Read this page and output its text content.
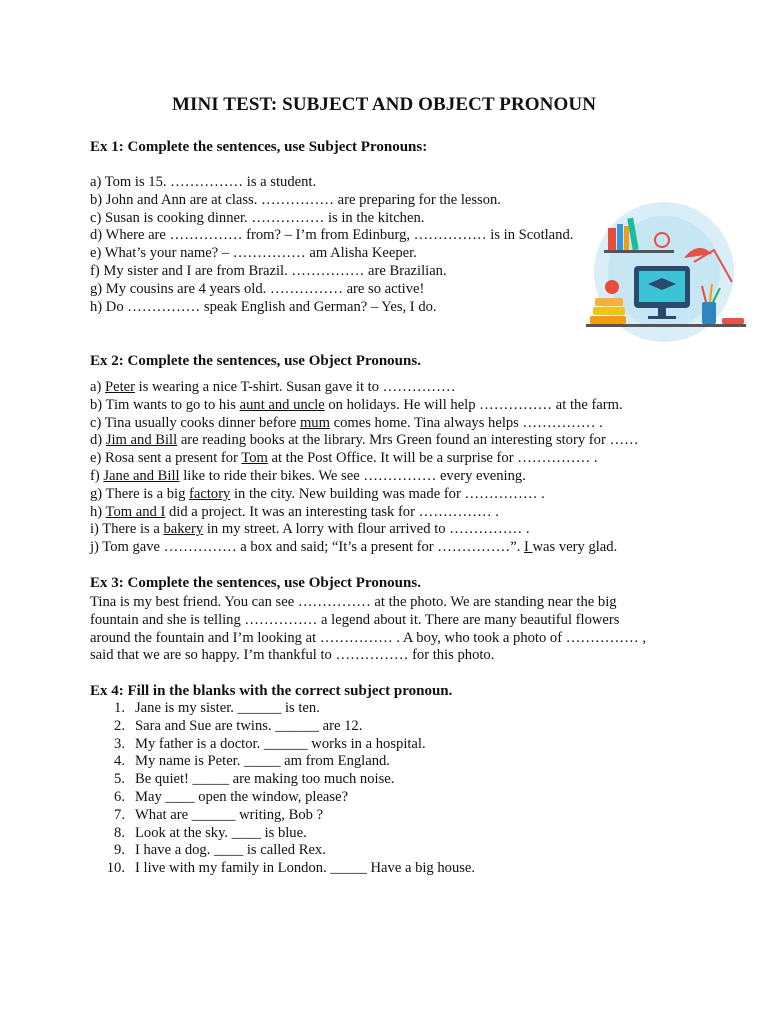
MINI TEST: SUBJECT AND OBJECT PRONOUN
Ex 1: Complete the sentences, use Subject Pronouns:
a) Tom is 15. …………… is a student.
b) John and Ann are at class. …………… are preparing for the lesson.
c) Susan is cooking dinner. …………… is in the kitchen.
d) Where are …………… from? – I’m from Edinburg, …………… is in Scotland.
e) What’s your name? – …………… am Alisha Keeper.
f) My sister and I are from Brazil. …………… are Brazilian.
g) My cousins are 4 years old. …………… are so active!
h) Do …………… speak English and German? – Yes, I do.
Ex 2: Complete the sentences, use Object Pronouns.
a) Peter is wearing a nice T-shirt. Susan gave it to ……………
b) Tim wants to go to his aunt and uncle on holidays. He will help …………… at the farm.
c) Tina usually cooks dinner before mum comes home. Tina always helps …………… .
d) Jim and Bill are reading books at the library. Mrs Green found an interesting story for ……
e) Rosa sent a present for Tom at the Post Office. It will be a surprise for …………… .
f) Jane and Bill like to ride their bikes. We see …………… every evening.
g) There is a big factory in the city. New building was made for …………… .
h) Tom and I did a project. It was an interesting task for …………… .
i) There is a bakery in my street. A lorry with flour arrived to …………… .
j) Tom gave …………… a box and said; “It’s a present for ……………”. I was very glad.
Ex 3: Complete the sentences, use Object Pronouns.
Tina is my best friend. You can see …………… at the photo. We are standing near the big
fountain and she is telling …………… a legend about it. There are many beautiful flowers
around the fountain and I’m looking at …………… . A boy, who took a photo of …………… ,
said that we are so happy. I’m thankful to …………… for this photo.
Ex 4: Fill in the blanks with the correct subject pronoun.
1. Jane is my sister. ______ is ten.
2. Sara and Sue are twins. ______ are 12.
3. My father is a doctor. ______ works in a hospital.
4. My name is Peter. _____ am from England.
5. Be quiet! _____ are making too much noise.
6. May ____ open the window, please?
7. What are ______ writing, Bob ?
8. Look at the sky. ____ is blue.
9. I have a dog. ____ is called Rex.
10. I live with my family in London. _____ Have a big house.
